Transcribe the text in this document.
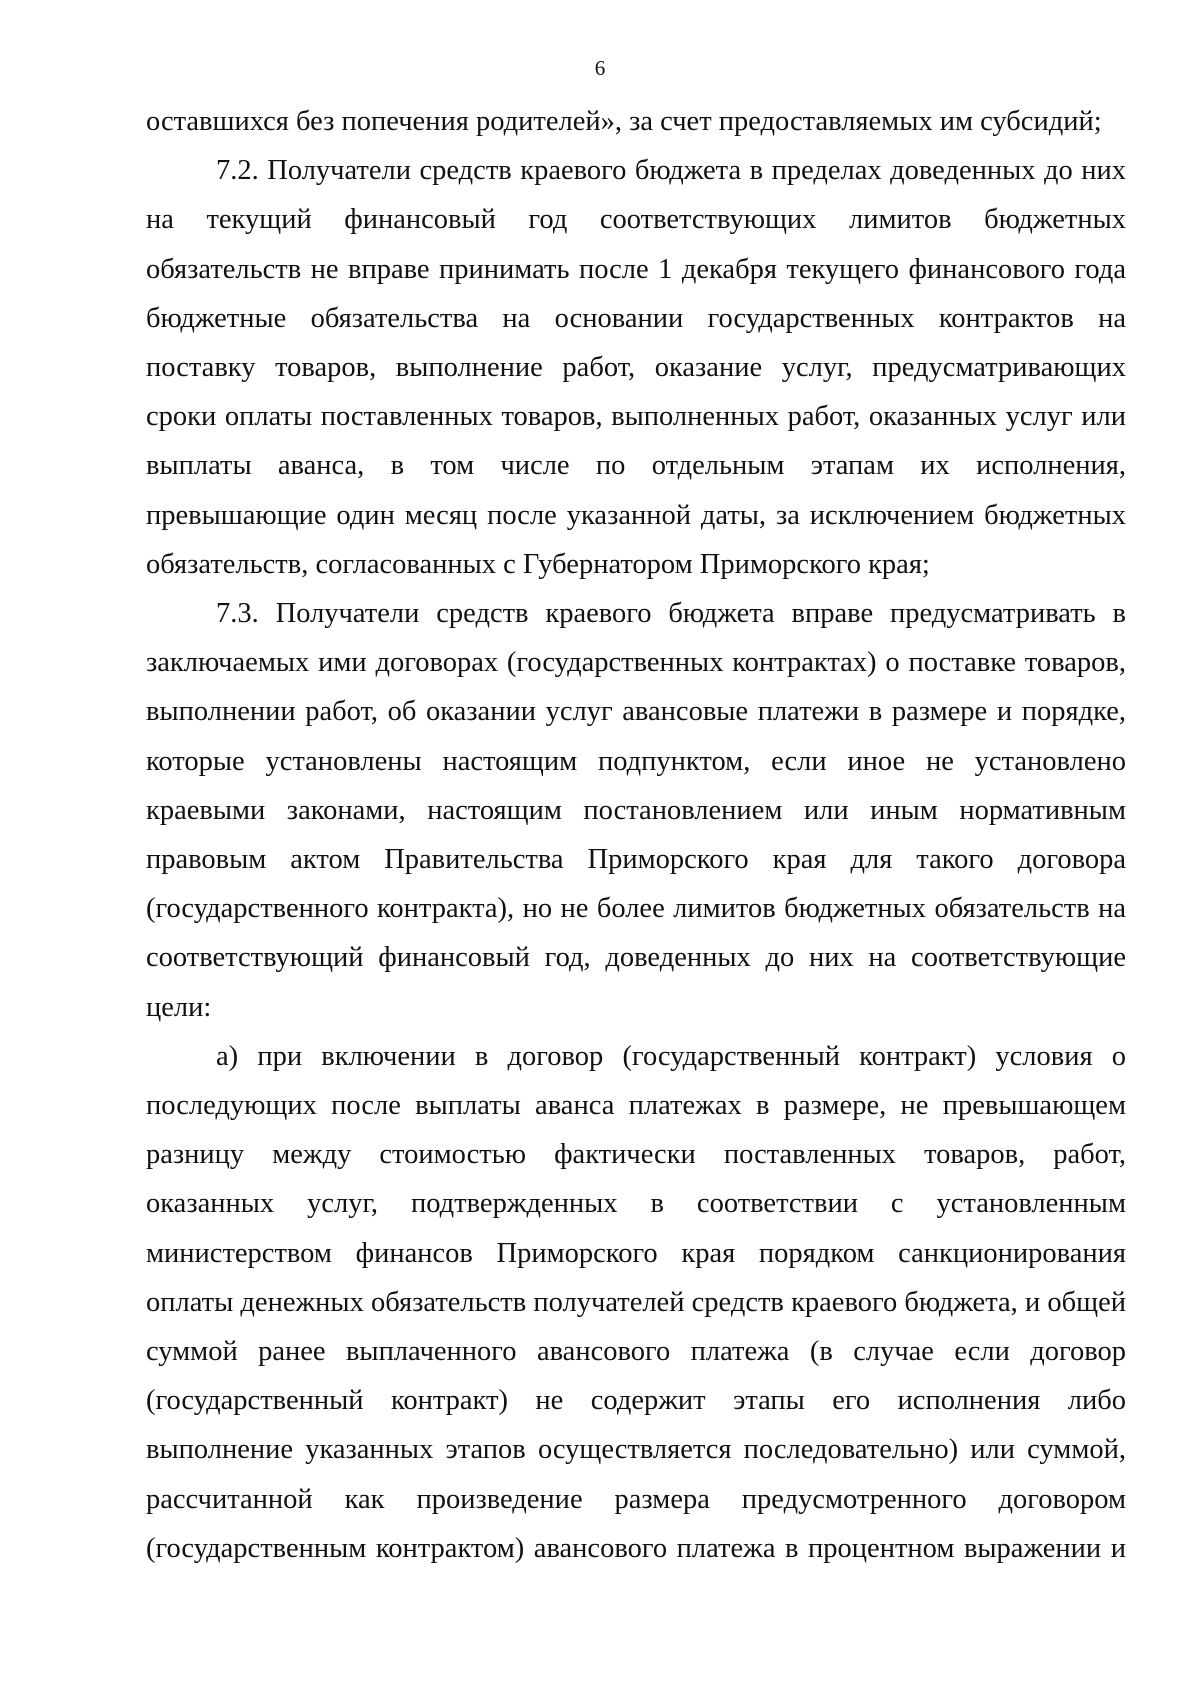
6

оставшихся без попечения родителей», за счет предоставляемых им субсидий;

7.2. Получатели средств краевого бюджета в пределах доведенных до них на текущий финансовый год соответствующих лимитов бюджетных обязательств не вправе принимать после 1 декабря текущего финансового года бюджетные обязательства на основании государственных контрактов на поставку товаров, выполнение работ, оказание услуг, предусматривающих сроки оплаты поставленных товаров, выполненных работ, оказанных услуг или выплаты аванса, в том числе по отдельным этапам их исполнения, превышающие один месяц после указанной даты, за исключением бюджетных обязательств, согласованных с Губернатором Приморского края;

7.3. Получатели средств краевого бюджета вправе предусматривать в заключаемых ими договорах (государственных контрактах) о поставке товаров, выполнении работ, об оказании услуг авансовые платежи в размере и порядке, которые установлены настоящим подпунктом, если иное не установлено краевыми законами, настоящим постановлением или иным нормативным правовым актом Правительства Приморского края для такого договора (государственного контракта), но не более лимитов бюджетных обязательств на соответствующий финансовый год, доведенных до них на соответствующие цели:

а) при включении в договор (государственный контракт) условия о последующих после выплаты аванса платежах в размере, не превышающем разницу между стоимостью фактически поставленных товаров, работ, оказанных услуг, подтвержденных в соответствии с установленным министерством финансов Приморского края порядком санкционирования оплаты денежных обязательств получателей средств краевого бюджета, и общей суммой ранее выплаченного авансового платежа (в случае если договор (государственный контракт) не содержит этапы его исполнения либо выполнение указанных этапов осуществляется последовательно) или суммой, рассчитанной как произведение размера предусмотренного договором (государственным контрактом) авансового платежа в процентном выражении и
